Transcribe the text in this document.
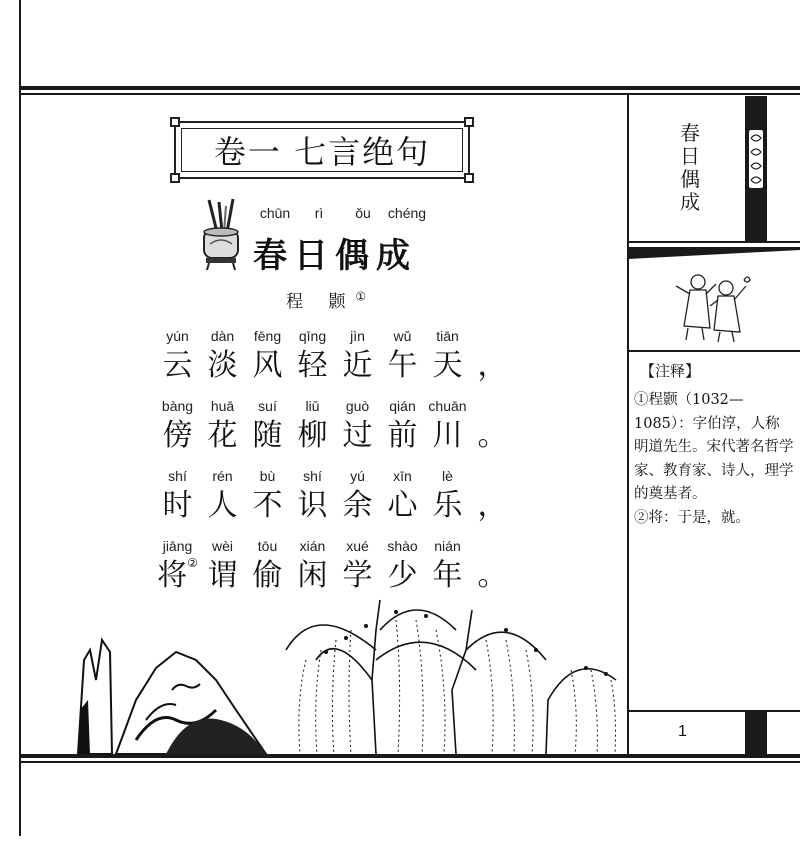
卷一 七言绝句
chūn	rì	ǒu	chéng
春日偶成
程 颢①
yún	dàn	fēng	qīng	jìn	wǔ	tiān
云 淡 风 轻 近 午 天 ，
bàng	huā	suí	liǔ	guò	qián chuān
傍 花 随 柳 过 前 川 。
shí	rén	bù	shí	yú	xīn	lè
时 人 不 识 余 心 乐 ，
jiāng	wèi	tōu	xián	xué	shào	nián
将② 谓 偷 闲 学 少 年 。
春
日
偶
成
【注释】

①程颢（1032—1085）：字伯淳，人称明道先生。宋代著名哲学家、教育家、诗人，理学的奠基者。

②将：于是，就。

1
